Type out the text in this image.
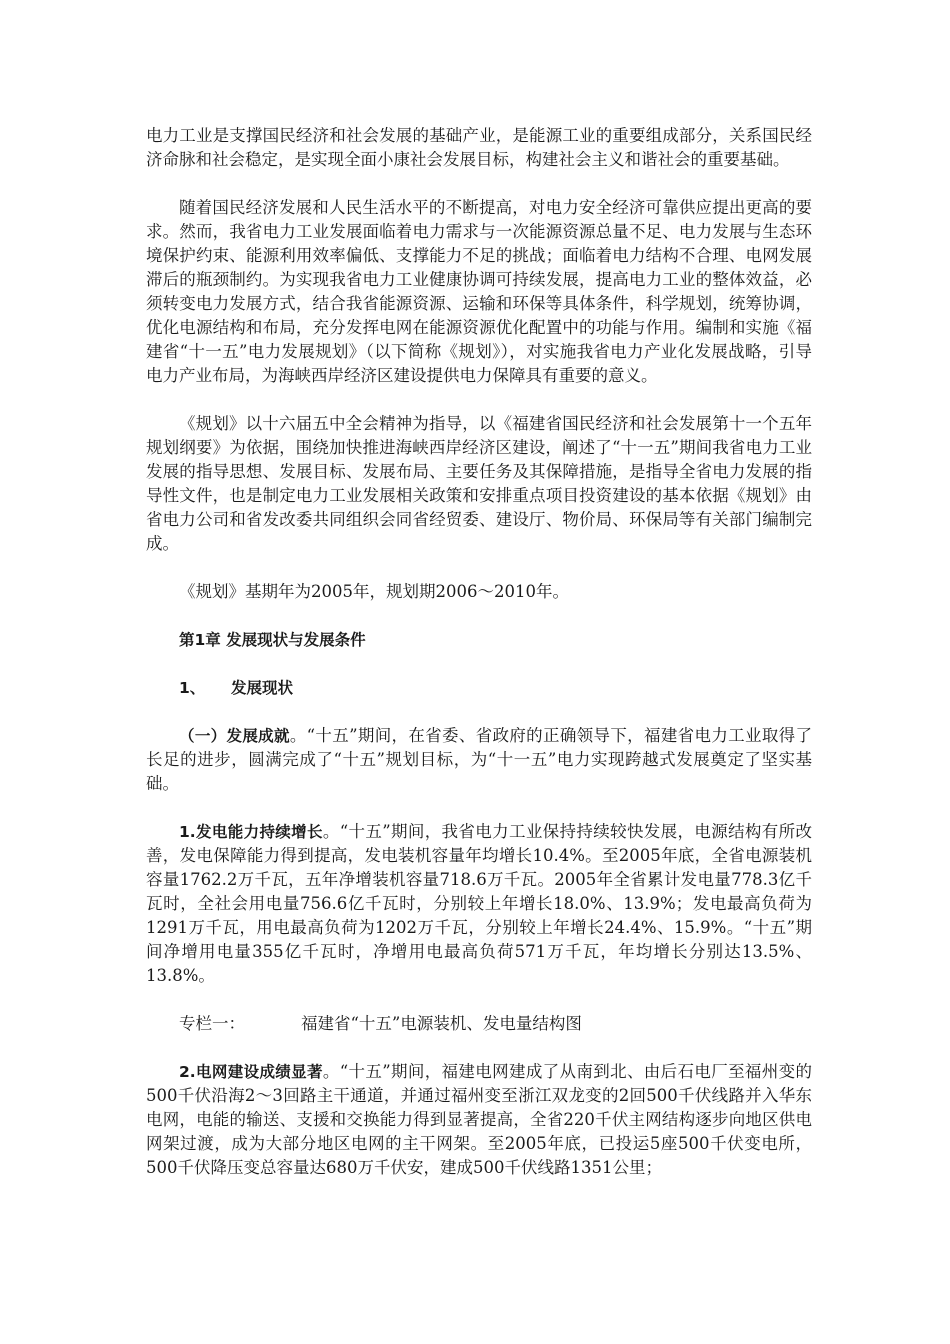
电力工业是支撑国民经济和社会发展的基础产业，是能源工业的重要组成部分，关系国民经济命脉和社会稳定，是实现全面小康社会发展目标，构建社会主义和谐社会的重要基础。

随着国民经济发展和人民生活水平的不断提高，对电力安全经济可靠供应提出更高的要求。然而，我省电力工业发展面临着电力需求与一次能源资源总量不足、电力发展与生态环境保护约束、能源利用效率偏低、支撑能力不足的挑战；面临着电力结构不合理、电网发展滞后的瓶颈制约。为实现我省电力工业健康协调可持续发展，提高电力工业的整体效益，必须转变电力发展方式，结合我省能源资源、运输和环保等具体条件，科学规划，统筹协调，优化电源结构和布局，充分发挥电网在能源资源优化配置中的功能与作用。编制和实施《福建省“十一五”电力发展规划》（以下简称《规划》），对实施我省电力产业化发展战略，引导电力产业布局，为海峡西岸经济区建设提供电力保障具有重要的意义。

《规划》以十六届五中全会精神为指导，以《福建省国民经济和社会发展第十一个五年规划纲要》为依据，围绕加快推进海峡西岸经济区建设，阐述了“十一五”期间我省电力工业发展的指导思想、发展目标、发展布局、主要任务及其保障措施，是指导全省电力发展的指导性文件，也是制定电力工业发展相关政策和安排重点项目投资建设的基本依据《规划》由省电力公司和省发改委共同组织会同省经贸委、建设厅、物价局、环保局等有关部门编制完成。

《规划》基期年为2005年，规划期2006～2010年。

第1章 发展现状与发展条件

1、 发展现状

（一）发展成就。“十五”期间，在省委、省政府的正确领导下，福建省电力工业取得了长足的进步，圆满完成了“十五”规划目标，为“十一五”电力实现跨越式发展奠定了坚实基础。

1.发电能力持续增长。“十五”期间，我省电力工业保持持续较快发展，电源结构有所改善，发电保障能力得到提高，发电装机容量年均增长10.4%。至2005年底，全省电源装机容量1762.2万千瓦，五年净增装机容量718.6万千瓦。2005年全省累计发电量778.3亿千瓦时，全社会用电量756.6亿千瓦时，分别较上年增长18.0%、13.9%；发电最高负荷为1291万千瓦，用电最高负荷为1202万千瓦，分别较上年增长24.4%、15.9%。“十五”期间净增用电量355亿千瓦时，净增用电最高负荷571万千瓦，年均增长分别达13.5%、13.8%。

专栏一：	福建省“十五”电源装机、发电量结构图

2.电网建设成绩显著。“十五”期间，福建电网建成了从南到北、由后石电厂至福州变的500千伏沿海2～3回路主干通道，并通过福州变至浙江双龙变的2回500千伏线路并入华东电网，电能的输送、支援和交换能力得到显著提高，全省220千伏主网结构逐步向地区供电网架过渡，成为大部分地区电网的主干网架。至2005年底，已投运5座500千伏变电所，500千伏降压变总容量达680万千伏安，建成500千伏线路1351公里；
